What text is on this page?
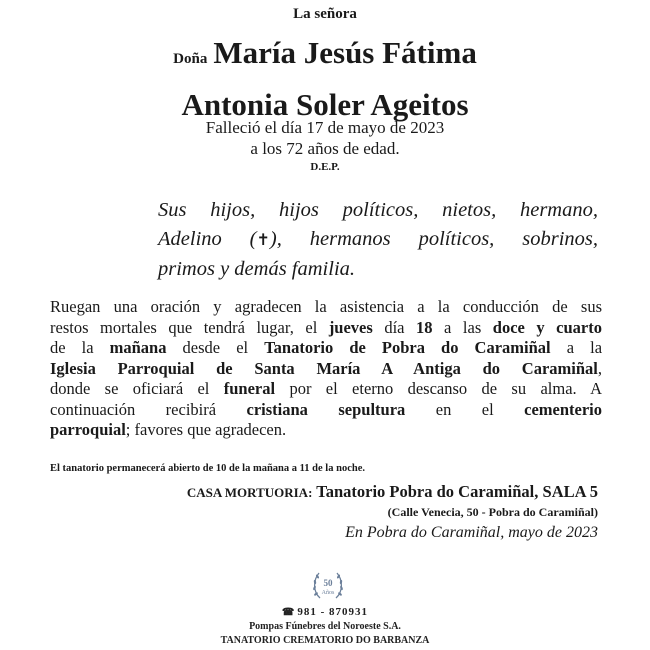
La señora
Doña María Jesús Fátima
Antonia Soler Ageitos
Falleció el día 17 de mayo de 2023
a los 72 años de edad.
D.E.P.
Sus hijos, hijos políticos, nietos, hermano,
Adelino (✝), hermanos políticos, sobrinos,
primos y demás familia.
Ruegan una oración y agradecen la asistencia a la conducción de sus
restos mortales que tendrá lugar, el jueves día 18 a las doce y cuarto
de la mañana desde el Tanatorio de Pobra do Caramiñal a la
Iglesia Parroquial de Santa María A Antiga do Caramiñal,
donde se oficiará el funeral por el eterno descanso de su alma. A
continuación recibirá cristiana sepultura en el cementerio
parroquial; favores que agradecen.
El tanatorio permanecerá abierto de 10 de la mañana a 11 de la noche.
CASA MORTUORIA: Tanatorio Pobra do Caramiñal, SALA 5
(Calle Venecia, 50 - Pobra do Caramiñal)
En Pobra do Caramiñal, mayo de 2023
50
Años
☎ 981 - 870931
Pompas Fúnebres del Noroeste S.A.
TANATORIO CREMATORIO DO BARBANZA
